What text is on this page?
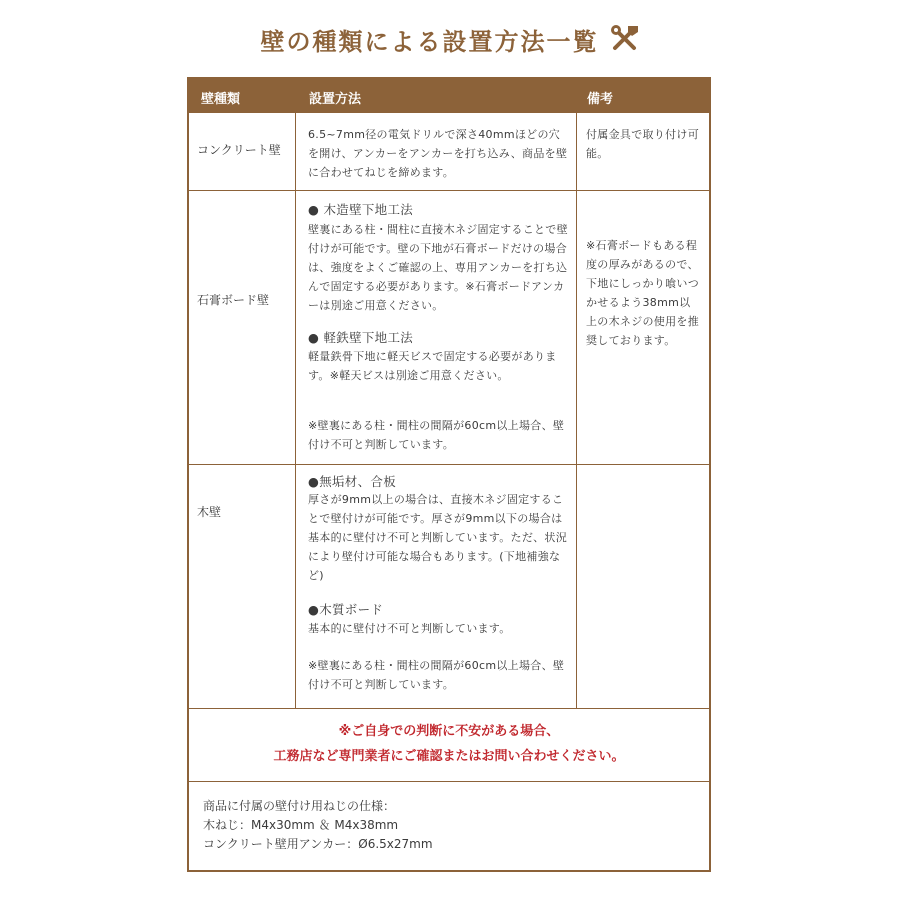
壁の種類による設置方法一覧
壁種類	設置方法	備考
コンクリート壁
6.5~7mm径の電気ドリルで深さ40mmほどの穴を開け、アンカーをアンカーを打ち込み、商品を壁に合わせてねじを締めます。
付属金具で取り付け可能。
石膏ボード壁
● 木造壁下地工法
壁裏にある柱・間柱に直接木ネジ固定することで壁付けが可能です。壁の下地が石膏ボードだけの場合は、強度をよくご確認の上、専用アンカーを打ち込んで固定する必要があります。※石膏ボードアンカーは別途ご用意ください。
● 軽鉄壁下地工法
軽量鉄骨下地に軽天ビスで固定する必要があります。※軽天ビスは別途ご用意ください。
※壁裏にある柱・間柱の間隔が60cm以上場合、壁付け不可と判断しています。
※石膏ボードもある程度の厚みがあるので、下地にしっかり喰いつかせるよう38mm以上の木ネジの使用を推奨しております。
木壁
●無垢材、合板
厚さが9mm以上の場合は、直接木ネジ固定することで壁付けが可能です。厚さが9mm以下の場合は基本的に壁付け不可と判断しています。ただ、状況により壁付け可能な場合もあります。(下地補強など)
●木質ボード
基本的に壁付け不可と判断しています。
※壁裏にある柱・間柱の間隔が60cm以上場合、壁付け不可と判断しています。
※ご自身での判断に不安がある場合、
工務店など専門業者にご確認またはお問い合わせください。
商品に付属の壁付け用ねじの仕様：
木ねじ：M4x30mm ＆ M4x38mm
コンクリート壁用アンカー：Ø6.5x27mm
